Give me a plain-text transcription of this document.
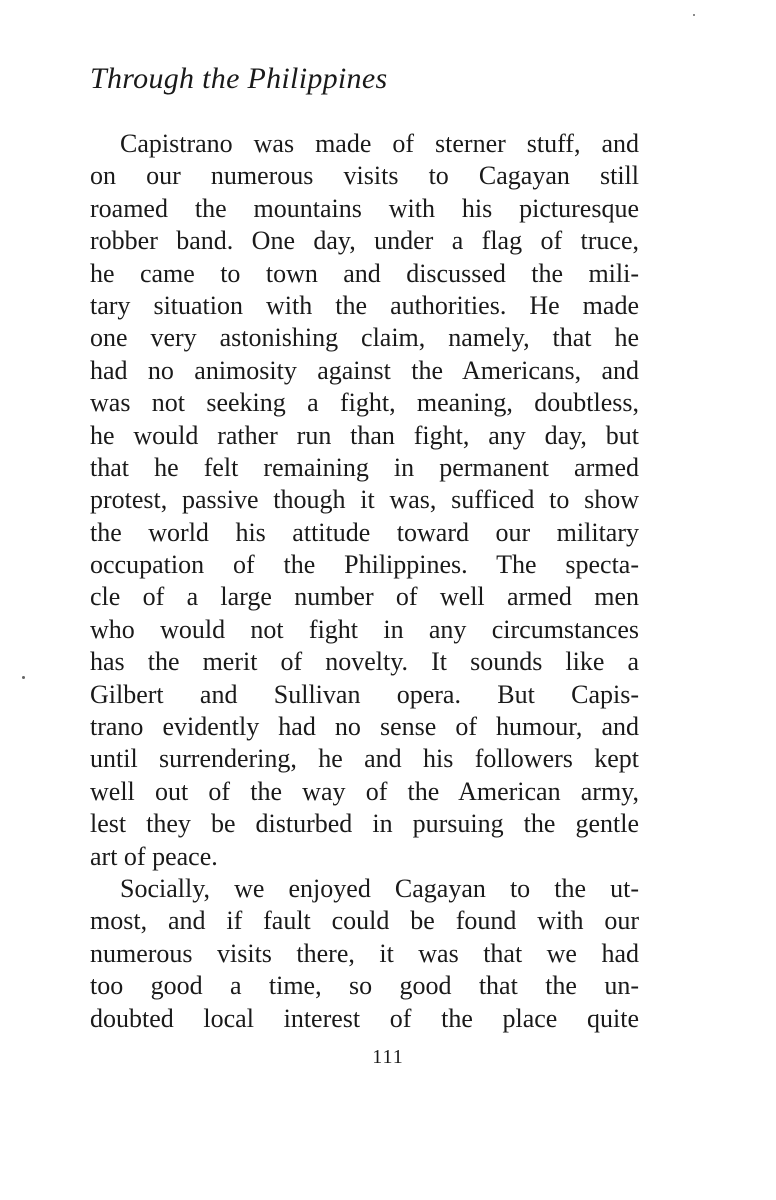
Through the Philippines
Capistrano was made of sterner stuff, and
on our numerous visits to Cagayan still
roamed the mountains with his picturesque
robber band. One day, under a flag of truce,
he came to town and discussed the mili-
tary situation with the authorities. He made
one very astonishing claim, namely, that he
had no animosity against the Americans, and
was not seeking a fight, meaning, doubtless,
he would rather run than fight, any day, but
that he felt remaining in permanent armed
protest, passive though it was, sufficed to show
the world his attitude toward our military
occupation of the Philippines. The specta-
cle of a large number of well armed men
who would not fight in any circumstances
has the merit of novelty. It sounds like a
Gilbert and Sullivan opera. But Capis-
trano evidently had no sense of humour, and
until surrendering, he and his followers kept
well out of the way of the American army,
lest they be disturbed in pursuing the gentle
art of peace.
Socially, we enjoyed Cagayan to the ut-
most, and if fault could be found with our
numerous visits there, it was that we had
too good a time, so good that the un-
doubted local interest of the place quite
111
